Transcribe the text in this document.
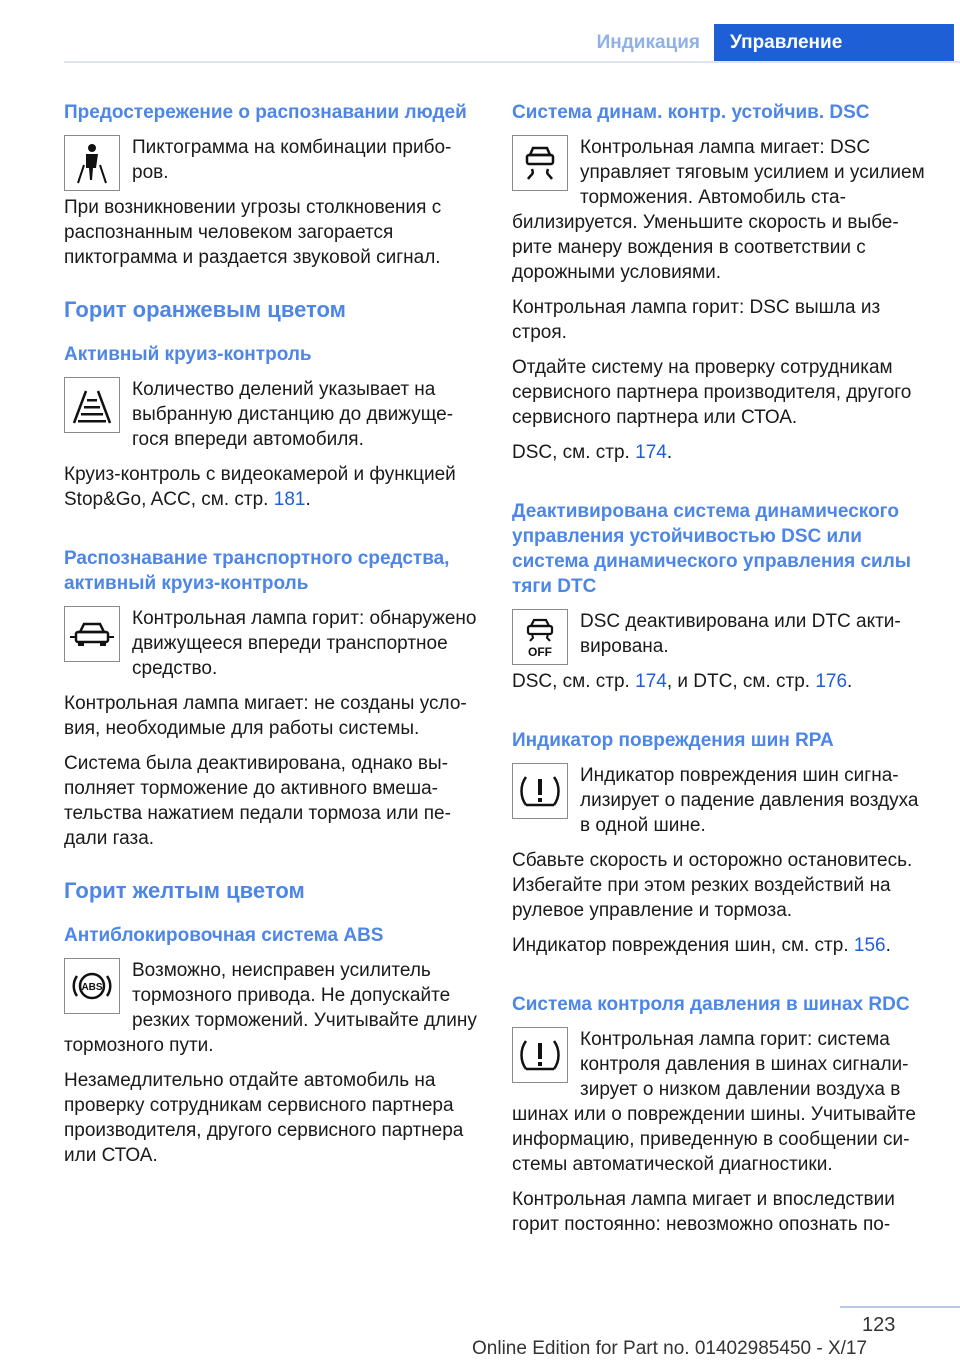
Индикация	Управление
Предостережение о распознавании людей
Пиктограмма на комбинации приборов.
При возникновении угрозы столкновения с распознанным человеком загорается пиктограмма и раздается звуковой сигнал.
Горит оранжевым цветом
Активный круиз-контроль
Количество делений указывает на выбранную дистанцию до движущегося впереди автомобиля.
Круиз-контроль с видеокамерой и функцией Stop&Go, ACC, см. стр. 181.
Распознавание транспортного средства, активный круиз-контроль
Контрольная лампа горит: обнаружено движущееся впереди транспортное средство.
Контрольная лампа мигает: не созданы условия, необходимые для работы системы.
Система была деактивирована, однако выполняет торможение до активного вмешательства нажатием педали тормоза или педали газа.
Горит желтым цветом
Антиблокировочная система ABS
ABS
Возможно, неисправен усилитель тормозного привода. Не допускайте резких торможений. Учитывайте длину тормозного пути.
Незамедлительно отдайте автомобиль на проверку сотрудникам сервисного партнера производителя, другого сервисного партнера или СТОА.
Система динам. контр. устойчив. DSC
Контрольная лампа мигает: DSC управляет тяговым усилием и усилием торможения. Автомобиль стабилизируется. Уменьшите скорость и выберите манеру вождения в соответствии с дорожными условиями.
Контрольная лампа горит: DSC вышла из строя.
Отдайте систему на проверку сотрудникам сервисного партнера производителя, другого сервисного партнера или СТОА.
DSC, см. стр. 174.
Деактивирована система динамического управления устойчивостью DSC или система динамического управления силы тяги DTC
OFF
DSC деактивирована или DTC активирована.
DSC, см. стр. 174, и DTC, см. стр. 176.
Индикатор повреждения шин RPA
Индикатор повреждения шин сигнализирует о падение давления воздуха в одной шине.
Сбавьте скорость и осторожно остановитесь. Избегайте при этом резких воздействий на рулевое управление и тормоза.
Индикатор повреждения шин, см. стр. 156.
Система контроля давления в шинах RDC
Контрольная лампа горит: система контроля давления в шинах сигнализирует о низком давлении воздуха в шинах или о повреждении шины. Учитывайте информацию, приведенную в сообщении системы автоматической диагностики.
Контрольная лампа мигает и впоследствии горит постоянно: невозможно опознать по-
123
Online Edition for Part no. 01402985450 - X/17
